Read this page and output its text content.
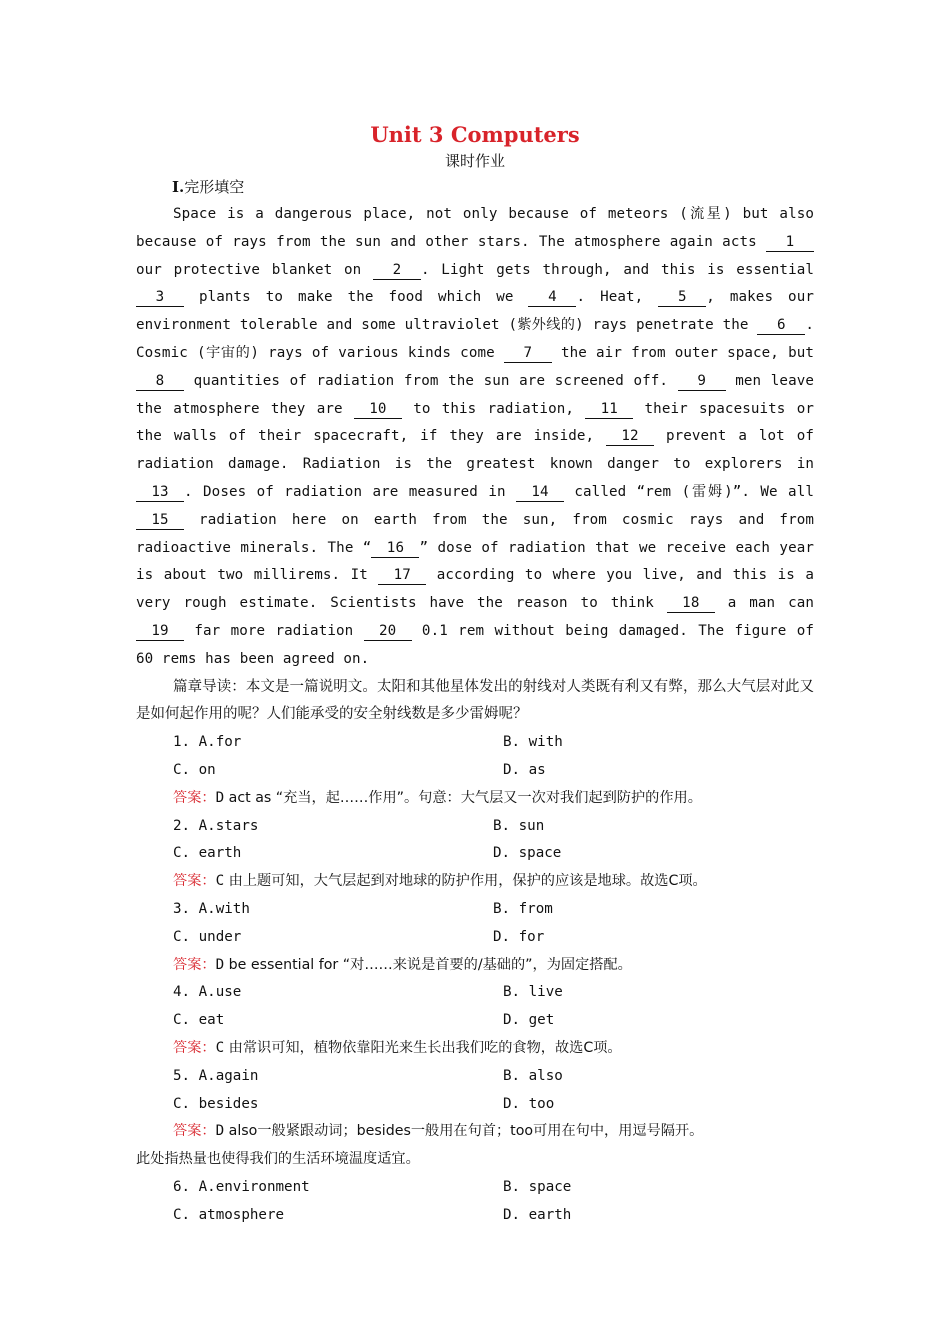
Unit 3 Computers

课时作业

Ⅰ.完形填空

Space is a dangerous place, not only because of meteors (流星) but also because of rays from the sun and other stars. The atmosphere again acts 1 our protective blanket on 2 . Light gets through, and this is essential 3 plants to make the food which we 4 . Heat, 5 , makes our environment tolerable and some ultraviolet (紫外线的) rays penetrate the 6 . Cosmic (宇宙的) rays of various kinds come 7 the air from outer space, but 8 quantities of radiation from the sun are screened off. 9 men leave the atmosphere they are 10 to this radiation, 11 their spacesuits or the walls of their spacecraft, if they are inside, 12 prevent a lot of radiation damage. Radiation is the greatest known danger to explorers in 13 . Doses of radiation are measured in 14 called “rem (雷姆)”. We all 15 radiation here on earth from the sun, from cosmic rays and from radioactive minerals. The “ 16 ” dose of radiation that we receive each year is about two millirems. It 17 according to where you live, and this is a very rough estimate. Scientists have the reason to think 18 a man can 19 far more radiation 20 0.1 rem without being damaged. The figure of 60 rems has been agreed on.

篇章导读：本文是一篇说明文。太阳和其他星体发出的射线对人类既有利又有弊，那么大气层对此又是如何起作用的呢？人们能承受的安全射线数是多少雷姆呢？

1. A.for	B. with
C. on	D. as

答案：D act as “充当，起……作用”。句意：大气层又一次对我们起到防护的作用。

2. A.stars	B. sun
C. earth	D. space

答案：C 由上题可知，大气层起到对地球的防护作用，保护的应该是地球。故选C项。

3. A.with	B. from
C. under	D. for

答案：D be essential for “对……来说是首要的/基础的”，为固定搭配。

4. A.use	B. live
C. eat	D. get

答案：C 由常识可知，植物依靠阳光来生长出我们吃的食物，故选C项。

5. A.again	B. also
C. besides	D. too

答案：D also一般紧跟动词；besides一般用在句首；too可用在句中，用逗号隔开。

此处指热量也使得我们的生活环境温度适宜。

6. A.environment	B. space
C. atmosphere	D. earth
